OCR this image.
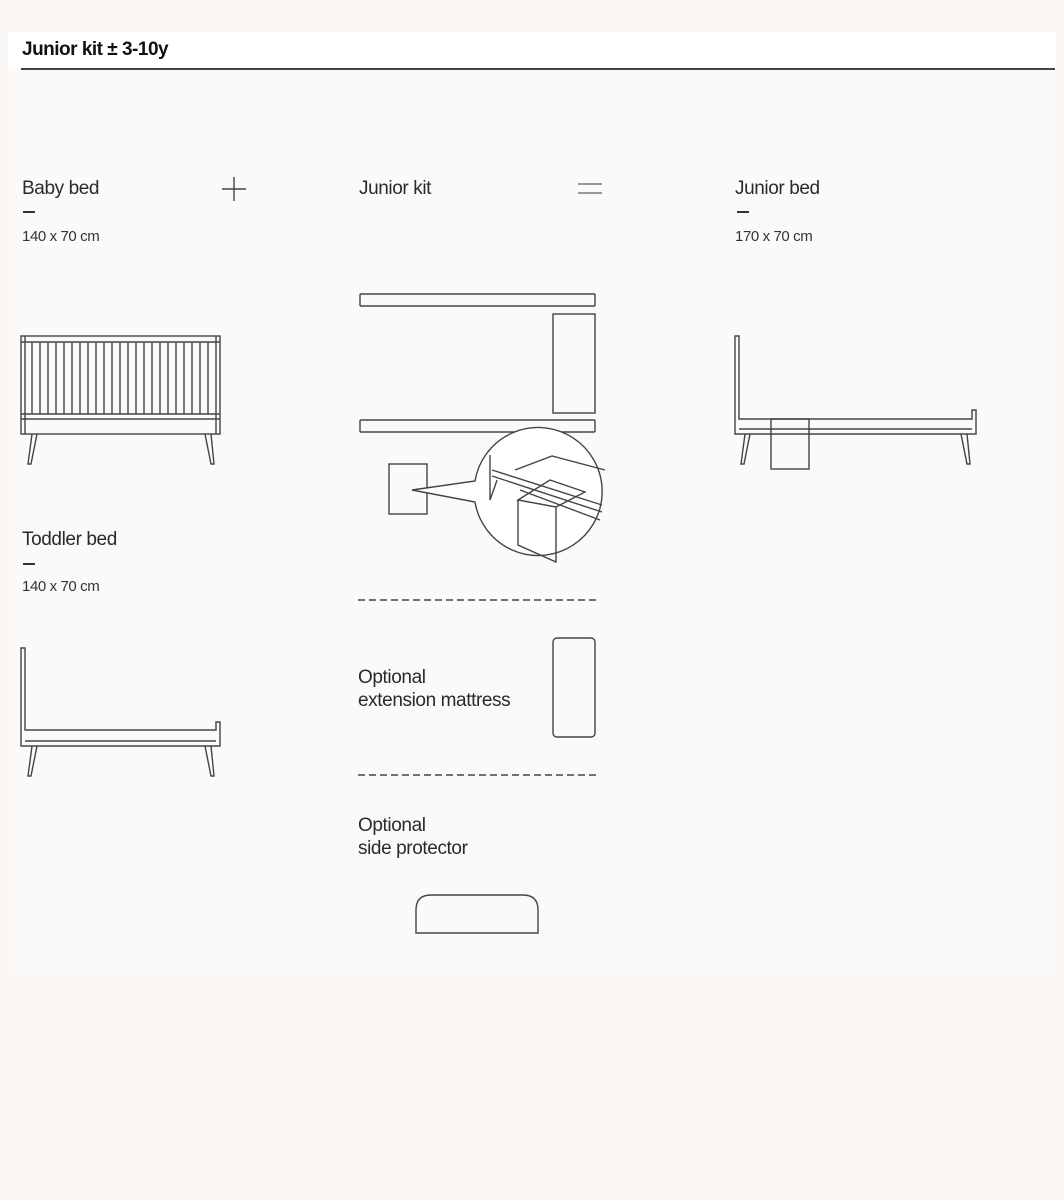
Junior kit ± 3-10y
Baby bed
140 x 70 cm
Junior kit	Junior bed
170 x 70 cm
Toddler bed
140 x 70 cm
Optional
extension mattress
Optional
side protector
